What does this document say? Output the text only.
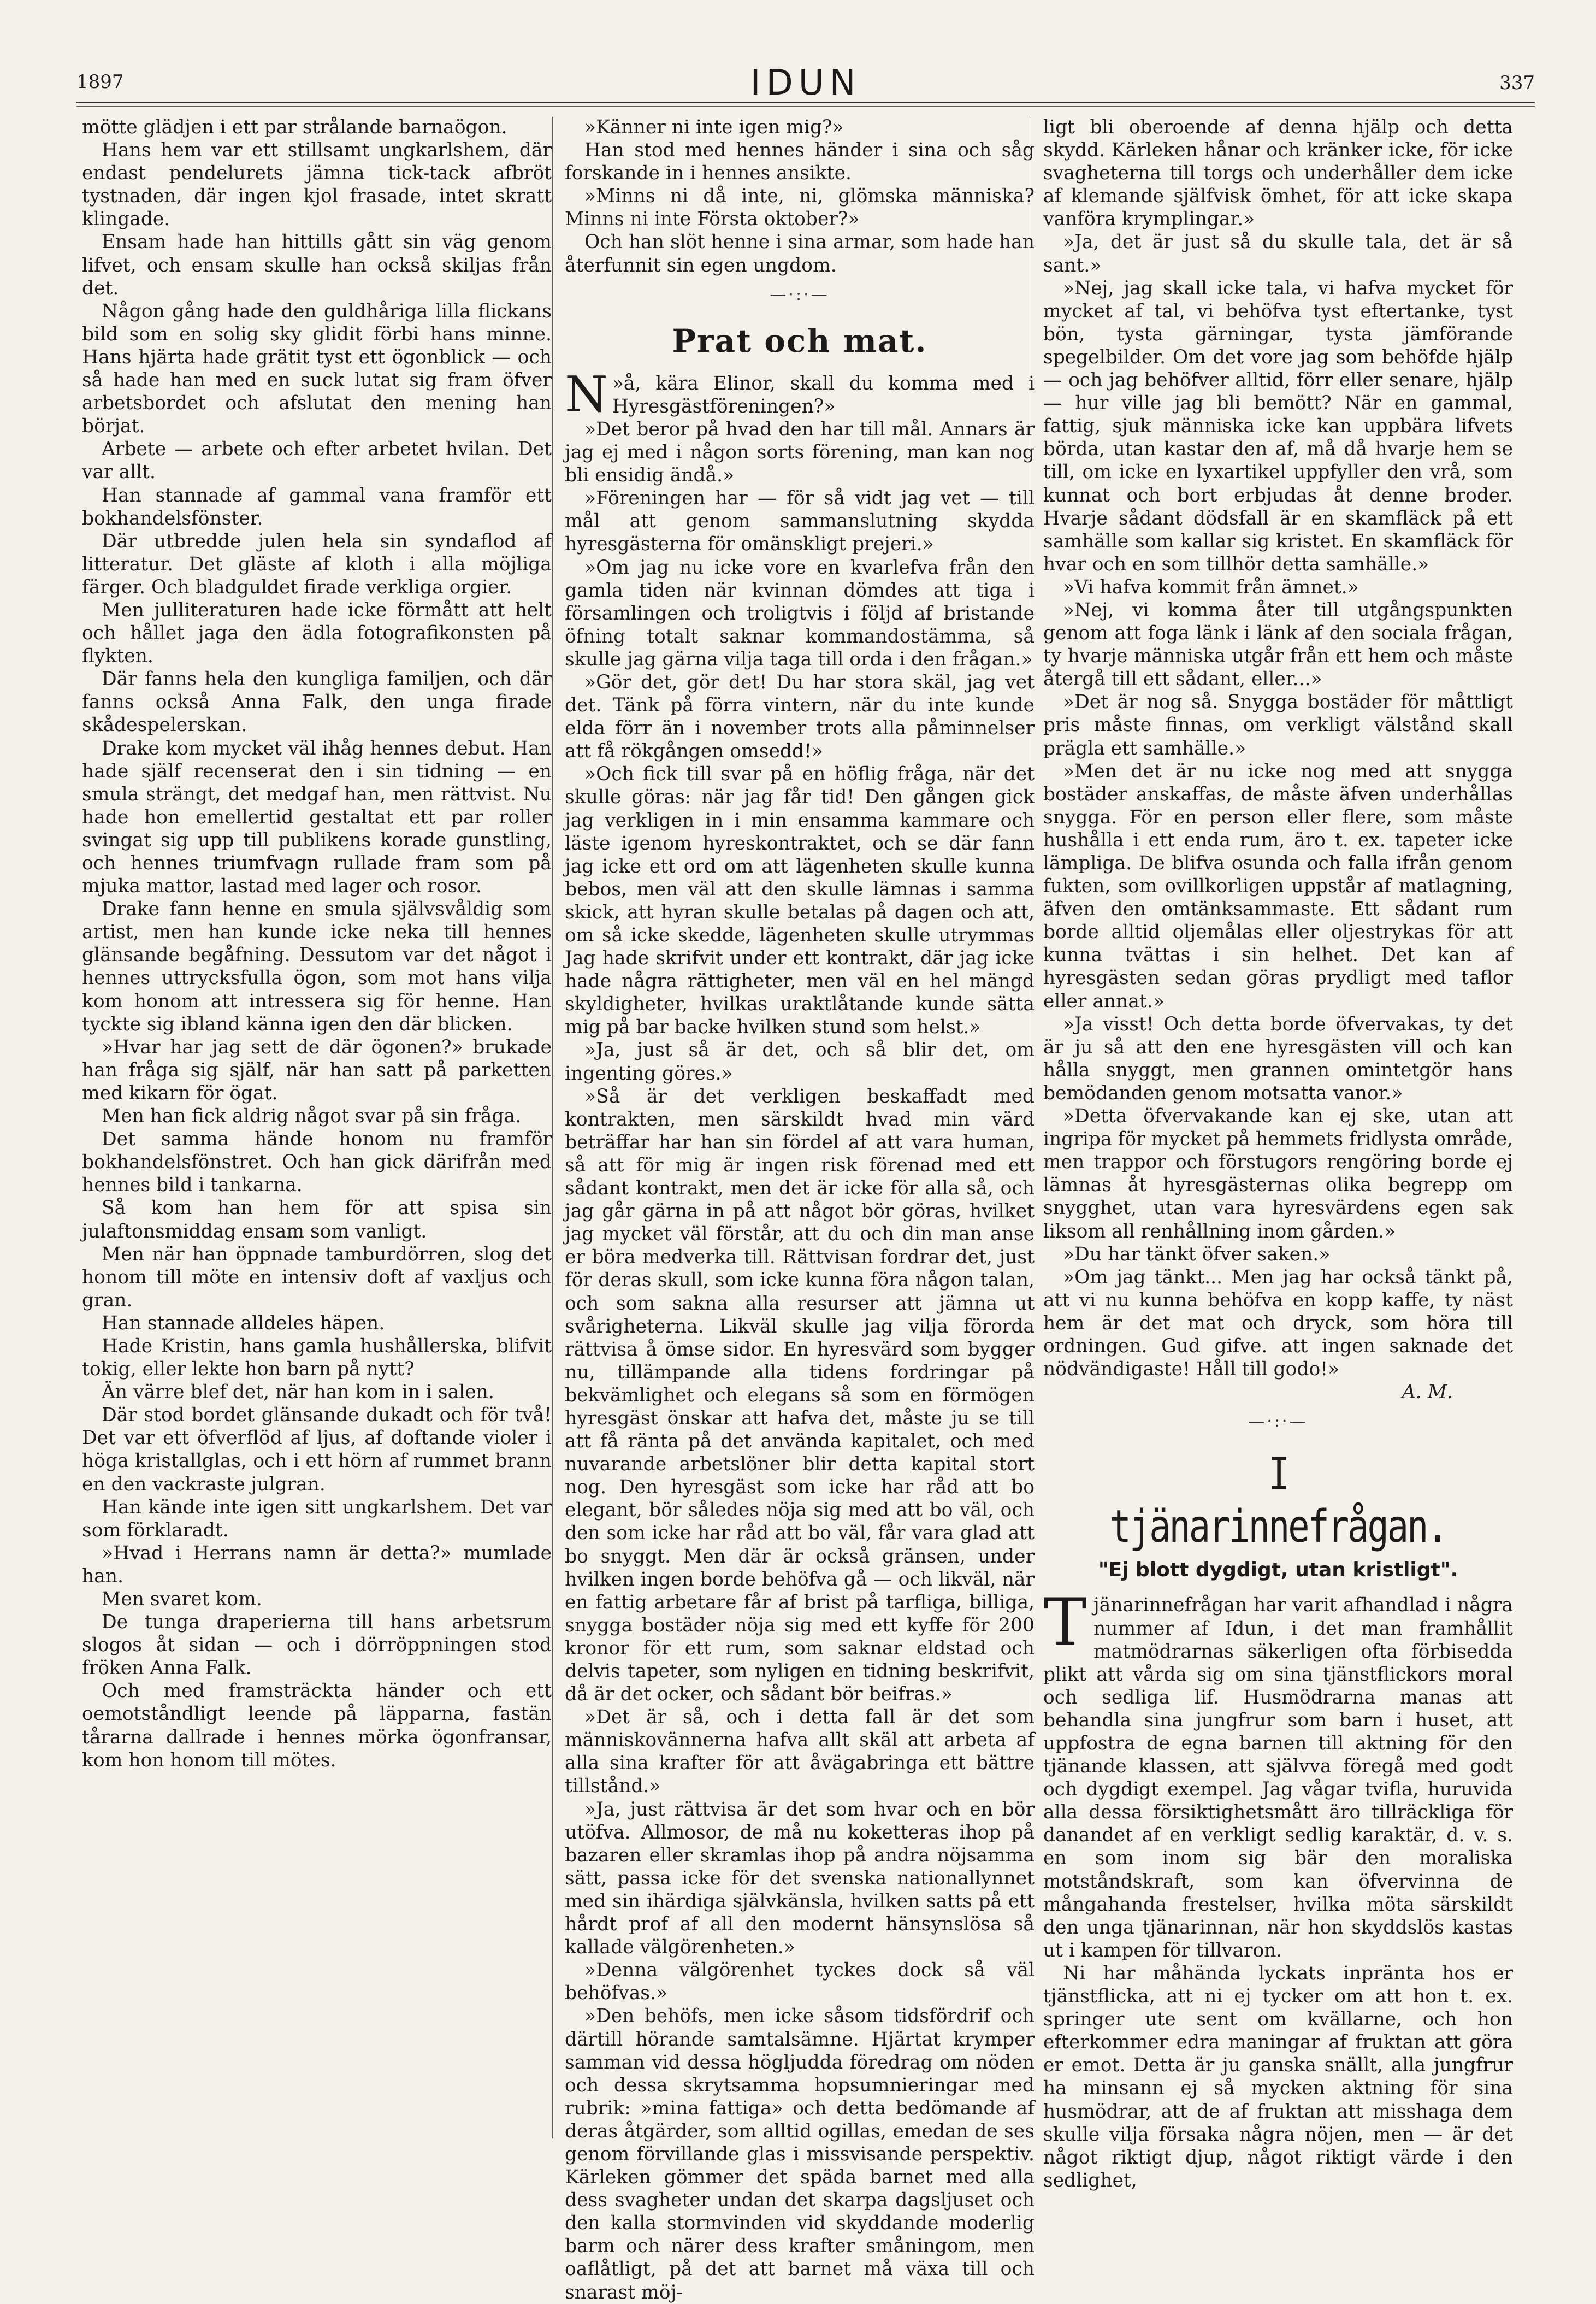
1897	IDUN	337

mötte glädjen i ett par strålande barnaögon.

Hans hem var ett stillsamt ungkarlshem, där endast pendelurets jämna tick-tack afbröt tystnaden, där ingen kjol frasade, intet skratt klingade.

Ensam hade han hittills gått sin väg genom lifvet, och ensam skulle han också skiljas från det.

Någon gång hade den guldhåriga lilla flickans bild som en solig sky glidit förbi hans minne. Hans hjärta hade grätit tyst ett ögonblick — och så hade han med en suck lutat sig fram öfver arbetsbordet och afslutat den mening han börjat.

Arbete — arbete och efter arbetet hvilan. Det var allt.

Han stannade af gammal vana framför ett bokhandelsfönster.

Där utbredde julen hela sin syndaflod af litteratur. Det gläste af kloth i alla möjliga färger. Och bladguldet firade verkliga orgier.

Men julliteraturen hade icke förmått att helt och hållet jaga den ädla fotografikonsten på flykten.

Där fanns hela den kungliga familjen, och där fanns också Anna Falk, den unga firade skådespelerskan.

Drake kom mycket väl ihåg hennes debut. Han hade själf recenserat den i sin tidning — en smula strängt, det medgaf han, men rättvist. Nu hade hon emellertid gestaltat ett par roller svingat sig upp till publikens korade gunstling, och hennes triumfvagn rullade fram som på mjuka mattor, lastad med lager och rosor.

Drake fann henne en smula självsvåldig som artist, men han kunde icke neka till hennes glänsande begåfning. Dessutom var det något i hennes uttrycksfulla ögon, som mot hans vilja kom honom att intressera sig för henne. Han tyckte sig ibland känna igen den där blicken.

»Hvar har jag sett de där ögonen?» brukade han fråga sig själf, när han satt på parketten med kikarn för ögat.

Men han fick aldrig något svar på sin fråga.

Det samma hände honom nu framför bokhandelsfönstret. Och han gick därifrån med hennes bild i tankarna.

Så kom han hem för att spisa sin julaftonsmiddag ensam som vanligt.

Men när han öppnade tamburdörren, slog det honom till möte en intensiv doft af vaxljus och gran.

Han stannade alldeles häpen.

Hade Kristin, hans gamla hushållerska, blifvit tokig, eller lekte hon barn på nytt?

Än värre blef det, när han kom in i salen.

Där stod bordet glänsande dukadt och för två! Det var ett öfverflöd af ljus, af doftande violer i höga kristallglas, och i ett hörn af rummet brann en den vackraste julgran.

Han kände inte igen sitt ungkarlshem. Det var som förklaradt.

»Hvad i Herrans namn är detta?» mumlade han.

Men svaret kom.

De tunga draperierna till hans arbetsrum slogos åt sidan — och i dörröppningen stod fröken Anna Falk.

Och med framsträckta händer och ett oemotståndligt leende på läpparna, fastän tårarna dallrade i hennes mörka ögonfransar, kom hon honom till mötes.

»Känner ni inte igen mig?»

Han stod med hennes händer i sina och såg forskande in i hennes ansikte.

»Minns ni då inte, ni, glömska människa? Minns ni inte Första oktober?»

Och han slöt henne i sina armar, som hade han återfunnit sin egen ungdom.

—·:·—
Prat och mat.

»
N å, kära Elinor, skall du komma med i Hyresgästföreningen?»

»Det beror på hvad den har till mål. Annars är jag ej med i någon sorts förening, man kan nog bli ensidig ändå.»

»Föreningen har — för så vidt jag vet — till mål att genom sammanslutning skydda hyresgästerna för omänskligt prejeri.»

»Om jag nu icke vore en kvarlefva från den gamla tiden när kvinnan dömdes att tiga i församlingen och troligtvis i följd af bristande öfning totalt saknar kommandostämma, så skulle jag gärna vilja taga till orda i den frågan.»

»Gör det, gör det! Du har stora skäl, jag vet det. Tänk på förra vintern, när du inte kunde elda förr än i november trots alla påminnelser att få rökgången omsedd!»

»Och fick till svar på en höflig fråga, när det skulle göras: när jag får tid! Den gången gick jag verkligen in i min ensamma kammare och läste igenom hyreskontraktet, och se där fann jag icke ett ord om att lägenheten skulle kunna bebos, men väl att den skulle lämnas i samma skick, att hyran skulle betalas på dagen och att, om så icke skedde, lägenheten skulle utrymmas Jag hade skrifvit under ett kontrakt, där jag icke hade några rättigheter, men väl en hel mängd skyldigheter, hvilkas uraktlåtande kunde sätta mig på bar backe hvilken stund som helst.»

»Ja, just så är det, och så blir det, om ingenting göres.»

»Så är det verkligen beskaffadt med kontrakten, men särskildt hvad min värd beträffar har han sin fördel af att vara human, så att för mig är ingen risk förenad med ett sådant kontrakt, men det är icke för alla så, och jag går gärna in på att något bör göras, hvilket jag mycket väl förstår, att du och din man anse er böra medverka till. Rättvisan fordrar det, just för deras skull, som icke kunna föra någon talan, och som sakna alla resurser att jämna ut svårigheterna. Likväl skulle jag vilja förorda rättvisa å ömse sidor. En hyresvärd som bygger nu, tillämpande alla tidens fordringar på bekvämlighet och elegans så som en förmögen hyresgäst önskar att hafva det, måste ju se till att få ränta på det använda kapitalet, och med nuvarande arbetslöner blir detta kapital stort nog. Den hyresgäst som icke har råd att bo elegant, bör således nöja sig med att bo väl, och den som icke har råd att bo väl, får vara glad att bo snyggt. Men där är också gränsen, under hvilken ingen borde behöfva gå — och likväl, när en fattig arbetare får af brist på tarfliga, billiga, snygga bostäder nöja sig med ett kyffe för 200 kronor för ett rum, som saknar eldstad och delvis tapeter, som nyligen en tidning beskrifvit, då är det ocker, och sådant bör beifras.»

»Det är så, och i detta fall är det som människovännerna hafva allt skäl att arbeta af alla sina krafter för att åvägabringa ett bättre tillstånd.»

»Ja, just rättvisa är det som hvar och en bör utöfva. Allmosor, de må nu koketteras ihop på bazaren eller skramlas ihop på andra nöjsamma sätt, passa icke för det svenska nationallynnet med sin ihärdiga självkänsla, hvilken satts på ett hårdt prof af all den modernt hänsynslösa så kallade välgörenheten.»

»Denna välgörenhet tyckes dock så väl behöfvas.»

»Den behöfs, men icke såsom tidsfördrif och därtill hörande samtalsämne. Hjärtat krymper samman vid dessa högljudda föredrag om nöden och dessa skrytsamma hopsumnieringar med rubrik: »mina fattiga» och detta bedömande af deras åtgärder, som alltid ogillas, emedan de ses genom förvillande glas i missvisande perspektiv. Kärleken gömmer det späda barnet med alla dess svagheter undan det skarpa dagsljuset och den kalla stormvinden vid skyddande moderlig barm och närer dess krafter småningom, men oaflåtligt, på det att barnet må växa till och snarast möj-

ligt bli oberoende af denna hjälp och detta skydd. Kärleken hånar och kränker icke, för icke svagheterna till torgs och underhåller dem icke af klemande själfvisk ömhet, för att icke skapa vanföra krymplingar.»

»Ja, det är just så du skulle tala, det är så sant.»

»Nej, jag skall icke tala, vi hafva mycket för mycket af tal, vi behöfva tyst eftertanke, tyst bön, tysta gärningar, tysta jämförande spegelbilder. Om det vore jag som behöfde hjälp — och jag behöfver alltid, förr eller senare, hjälp — hur ville jag bli bemött? När en gammal, fattig, sjuk människa icke kan uppbära lifvets börda, utan kastar den af, må då hvarje hem se till, om icke en lyxartikel uppfyller den vrå, som kunnat och bort erbjudas åt denne broder. Hvarje sådant dödsfall är en skamfläck på ett samhälle som kallar sig kristet. En skamfläck för hvar och en som tillhör detta samhälle.»

»Vi hafva kommit från ämnet.»

»Nej, vi komma åter till utgångspunkten genom att foga länk i länk af den sociala frågan, ty hvarje människa utgår från ett hem och måste återgå till ett sådant, eller...»

»Det är nog så. Snygga bostäder för måttligt pris måste finnas, om verkligt välstånd skall prägla ett samhälle.»

»Men det är nu icke nog med att snygga bostäder anskaffas, de måste äfven underhållas snygga. För en person eller flere, som måste hushålla i ett enda rum, äro t. ex. tapeter icke lämpliga. De blifva osunda och falla ifrån genom fukten, som ovillkorligen uppstår af matlagning, äfven den omtänksammaste. Ett sådant rum borde alltid oljemålas eller oljestrykas för att kunna tvättas i sin helhet. Det kan af hyresgästen sedan göras prydligt med taflor eller annat.»

»Ja visst! Och detta borde öfvervakas, ty det är ju så att den ene hyresgästen vill och kan hålla snyggt, men grannen omintetgör hans bemödanden genom motsatta vanor.»

»Detta öfvervakande kan ej ske, utan att ingripa för mycket på hemmets fridlysta område, men trappor och förstugors rengöring borde ej lämnas åt hyresgästernas olika begrepp om snygghet, utan vara hyresvärdens egen sak liksom all renhållning inom gården.»

»Du har tänkt öfver saken.»

»Om jag tänkt... Men jag har också tänkt på, att vi nu kunna behöfva en kopp kaffe, ty näst hem är det mat och dryck, som höra till ordningen. Gud gifve. att ingen saknade det nödvändigaste! Håll till godo!»

A. M.

—·:·—
I tjänarinnefrågan.
"Ej blott dygdigt, utan kristligt".

Tjänarinnefrågan har varit afhandlad i några nummer af Idun, i det man framhållit matmödrarnas säkerligen ofta förbisedda plikt att vårda sig om sina tjänstflickors moral och sedliga lif. Husmödrarna manas att behandla sina jungfrur som barn i huset, att uppfostra de egna barnen till aktning för den tjänande klassen, att självva föregå med godt och dygdigt exempel. Jag vågar tvifla, huruvida alla dessa försiktighetsmått äro tillräckliga för danandet af en verkligt sedlig karaktär, d. v. s. en som inom sig bär den moraliska motståndskraft, som kan öfvervinna de mångahanda frestelser, hvilka möta särskildt den unga tjänarinnan, när hon skyddslös kastas ut i kampen för tillvaron.

Ni har måhända lyckats inpränta hos er tjänstflicka, att ni ej tycker om att hon t. ex. springer ute sent om kvällarne, och hon efterkommer edra maningar af fruktan att göra er emot. Detta är ju ganska snällt, alla jungfrur ha minsann ej så mycken aktning för sina husmödrar, att de af fruktan att misshaga dem skulle vilja försaka några nöjen, men — är det något riktigt djup, något riktigt värde i den sedlighet,
